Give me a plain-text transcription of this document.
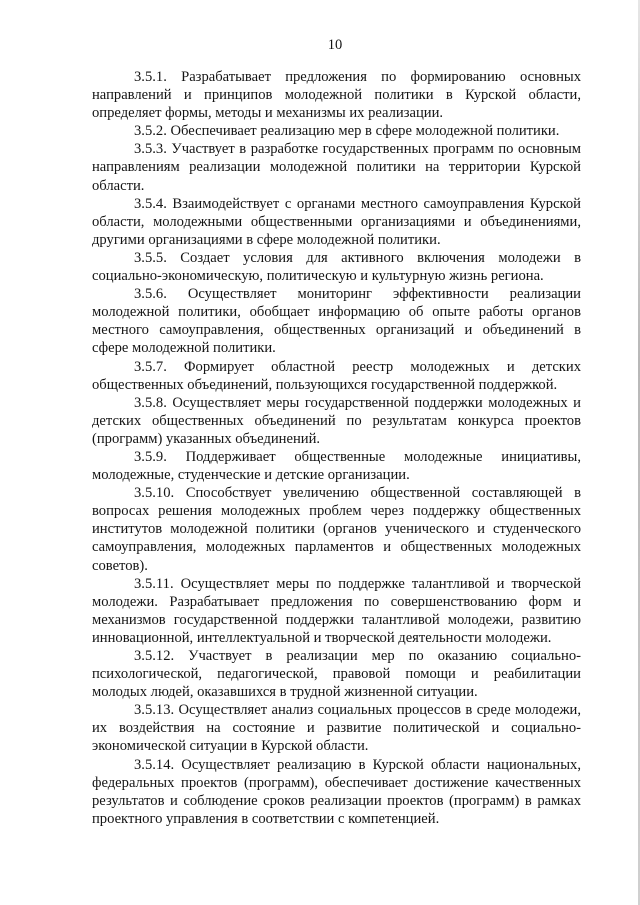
10

3.5.1. Разрабатывает предложения по формированию основных направлений и принципов молодежной политики в Курской области, определяет формы, методы и механизмы их реализации.

3.5.2. Обеспечивает реализацию мер в сфере молодежной политики.

3.5.3. Участвует в разработке государственных программ по основным направлениям реализации молодежной политики на территории Курской области.

3.5.4. Взаимодействует с органами местного самоуправления Курской области, молодежными общественными организациями и объединениями, другими организациями в сфере молодежной политики.

3.5.5. Создает условия для активного включения молодежи в социально-экономическую, политическую и культурную жизнь региона.

3.5.6. Осуществляет мониторинг эффективности реализации молодежной политики, обобщает информацию об опыте работы органов местного самоуправления, общественных организаций и объединений в сфере молодежной политики.

3.5.7. Формирует областной реестр молодежных и детских общественных объединений, пользующихся государственной поддержкой.

3.5.8. Осуществляет меры государственной поддержки молодежных и детских общественных объединений по результатам конкурса проектов (программ) указанных объединений.

3.5.9. Поддерживает общественные молодежные инициативы, молодежные, студенческие и детские организации.

3.5.10. Способствует увеличению общественной составляющей в вопросах решения молодежных проблем через поддержку общественных институтов молодежной политики (органов ученического и студенческого самоуправления, молодежных парламентов и общественных молодежных советов).

3.5.11. Осуществляет меры по поддержке талантливой и творческой молодежи. Разрабатывает предложения по совершенствованию форм и механизмов государственной поддержки талантливой молодежи, развитию инновационной, интеллектуальной и творческой деятельности молодежи.

3.5.12. Участвует в реализации мер по оказанию социально-психологической, педагогической, правовой помощи и реабилитации молодых людей, оказавшихся в трудной жизненной ситуации.

3.5.13. Осуществляет анализ социальных процессов в среде молодежи, их воздействия на состояние и развитие политической и социально-экономической ситуации в Курской области.

3.5.14. Осуществляет реализацию в Курской области национальных, федеральных проектов (программ), обеспечивает достижение качественных результатов и соблюдение сроков реализации проектов (программ) в рамках проектного управления в соответствии с компетенцией.
